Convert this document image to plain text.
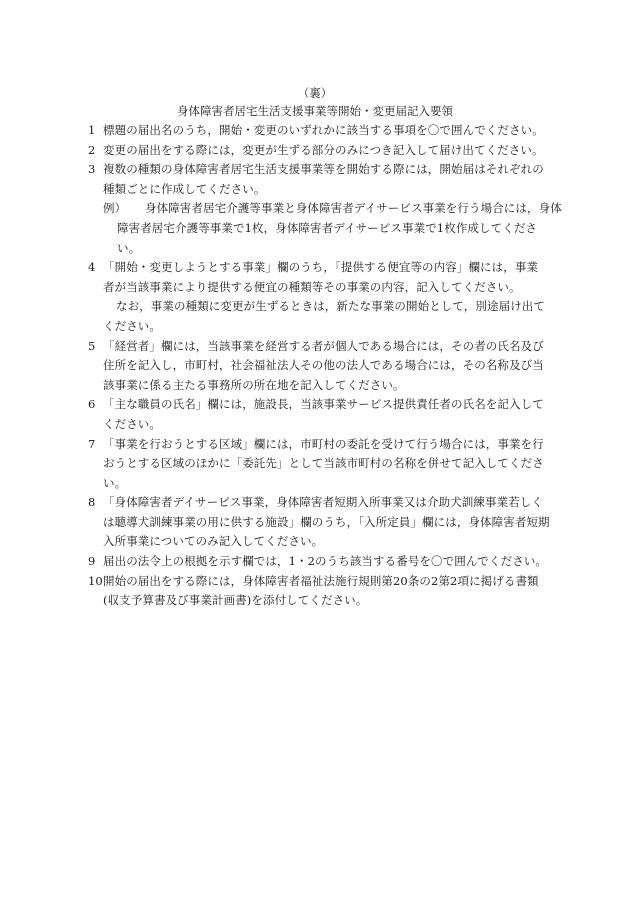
（裏）
身体障害者居宅生活支援事業等開始・変更届記入要領
1 標題の届出名のうち，開始・変更のいずれかに該当する事項を〇で囲んでください。
2 変更の届出をする際には，変更が生ずる部分のみにつき記入して届け出てください。
3 複数の種類の身体障害者居宅生活支援事業等を開始する際には，開始届はそれぞれの
種類ごとに作成してください。
例）	身体障害者居宅介護等事業と身体障害者デイサービス事業を行う場合には，身体
障害者居宅介護等事業で1枚，身体障害者デイサービス事業で1枚作成してくださ
い。
4 「開始・変更しようとする事業」欄のうち，「提供する便宜等の内容」欄には，事業
者が当該事業により提供する便宜の種類等その事業の内容，記入してください。
なお，事業の種類に変更が生ずるときは，新たな事業の開始として，別途届け出て
ください。
5 「経営者」欄には，当該事業を経営する者が個人である場合には，その者の氏名及び
住所を記入し，市町村，社会福祉法人その他の法人である場合には，その名称及び当
該事業に係る主たる事務所の所在地を記入してください。
6 「主な職員の氏名」欄には，施設長，当該事業サービス提供責任者の氏名を記入して
ください。
7 「事業を行おうとする区域」欄には，市町村の委託を受けて行う場合には，事業を行
おうとする区域のほかに「委託先」として当該市町村の名称を併せて記入してくださ
い。
8 「身体障害者デイサービス事業，身体障害者短期入所事業又は介助犬訓練事業若しく
は聴導犬訓練事業の用に供する施設」欄のうち，「入所定員」欄には，身体障害者短期
入所事業についてのみ記入してください。
9 届出の法令上の根拠を示す欄では，1・2のうち該当する番号を〇で囲んでください。
10 開始の届出をする際には，身体障害者福祉法施行規則第20条の2第2項に掲げる書類
(収支予算書及び事業計画書)を添付してください。
